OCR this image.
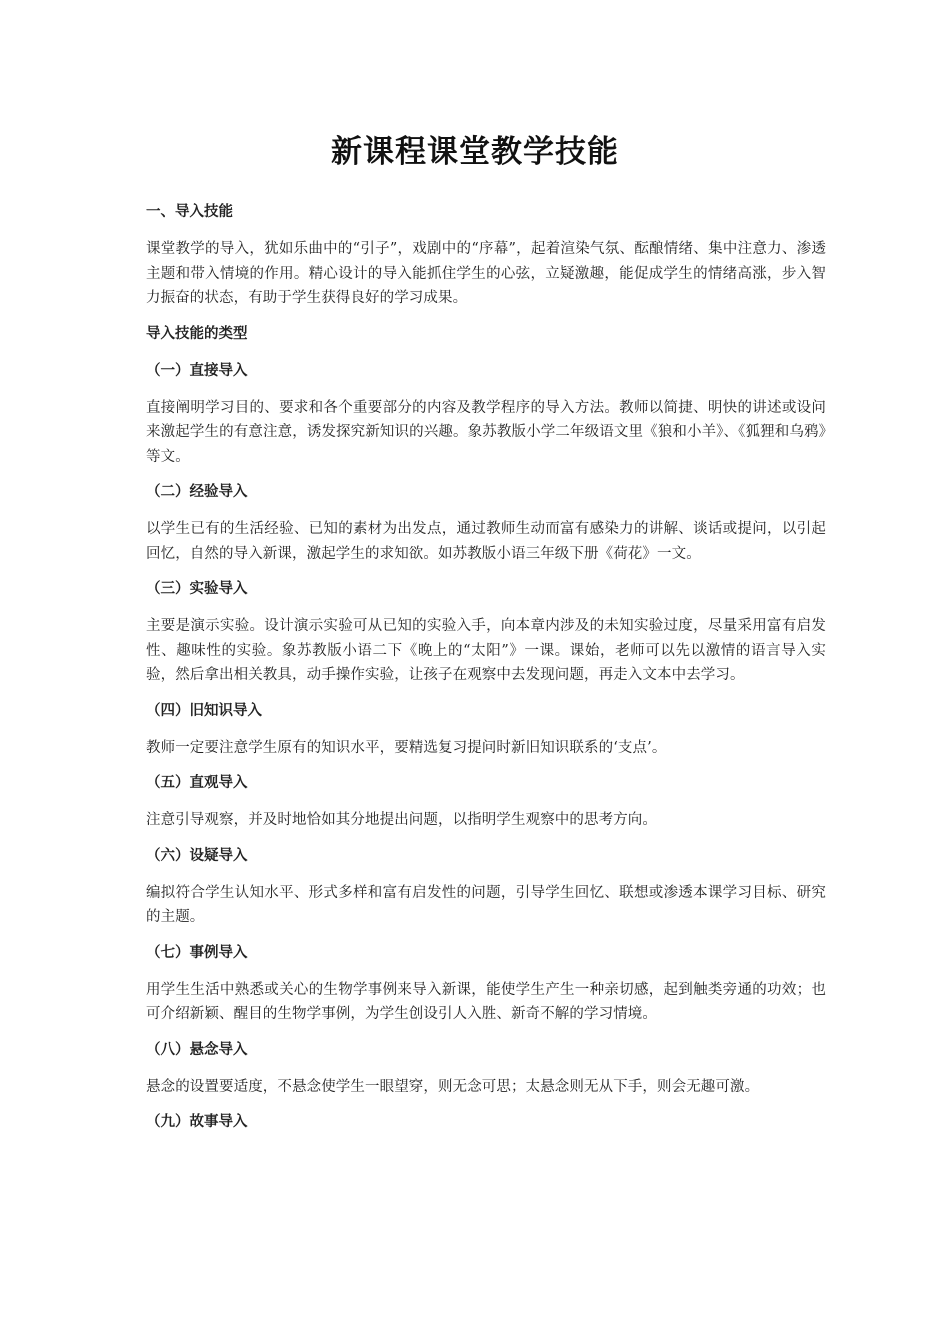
新课程课堂教学技能
一、导入技能
课堂教学的导入，犹如乐曲中的“引子”，戏剧中的“序幕”，起着渲染气氛、酝酿情绪、集中注意力、渗透主题和带入情境的作用。精心设计的导入能抓住学生的心弦，立疑激趣，能促成学生的情绪高涨，步入智力振奋的状态，有助于学生获得良好的学习成果。
导入技能的类型
（一）直接导入
直接阐明学习目的、要求和各个重要部分的内容及教学程序的导入方法。教师以简捷、明快的讲述或设问来激起学生的有意注意，诱发探究新知识的兴趣。象苏教版小学二年级语文里《狼和小羊》、《狐狸和乌鸦》等文。
（二）经验导入
以学生已有的生活经验、已知的素材为出发点，通过教师生动而富有感染力的讲解、谈话或提问，以引起回忆，自然的导入新课，激起学生的求知欲。如苏教版小语三年级下册《荷花》一文。
（三）实验导入
主要是演示实验。设计演示实验可从已知的实验入手，向本章内涉及的未知实验过度，尽量采用富有启发性、趣味性的实验。象苏教版小语二下《晚上的“太阳”》一课。课始，老师可以先以激情的语言导入实验，然后拿出相关教具，动手操作实验，让孩子在观察中去发现问题，再走入文本中去学习。
（四）旧知识导入
教师一定要注意学生原有的知识水平，要精选复习提问时新旧知识联系的‘支点’。
（五）直观导入
注意引导观察，并及时地恰如其分地提出问题，以指明学生观察中的思考方向。
（六）设疑导入
编拟符合学生认知水平、形式多样和富有启发性的问题，引导学生回忆、联想或渗透本课学习目标、研究的主题。
（七）事例导入
用学生生活中熟悉或关心的生物学事例来导入新课，能使学生产生一种亲切感，起到触类旁通的功效；也可介绍新颖、醒目的生物学事例，为学生创设引人入胜、新奇不解的学习情境。
（八）悬念导入
悬念的设置要适度，不悬念使学生一眼望穿，则无念可思；太悬念则无从下手，则会无趣可激。
（九）故事导入
